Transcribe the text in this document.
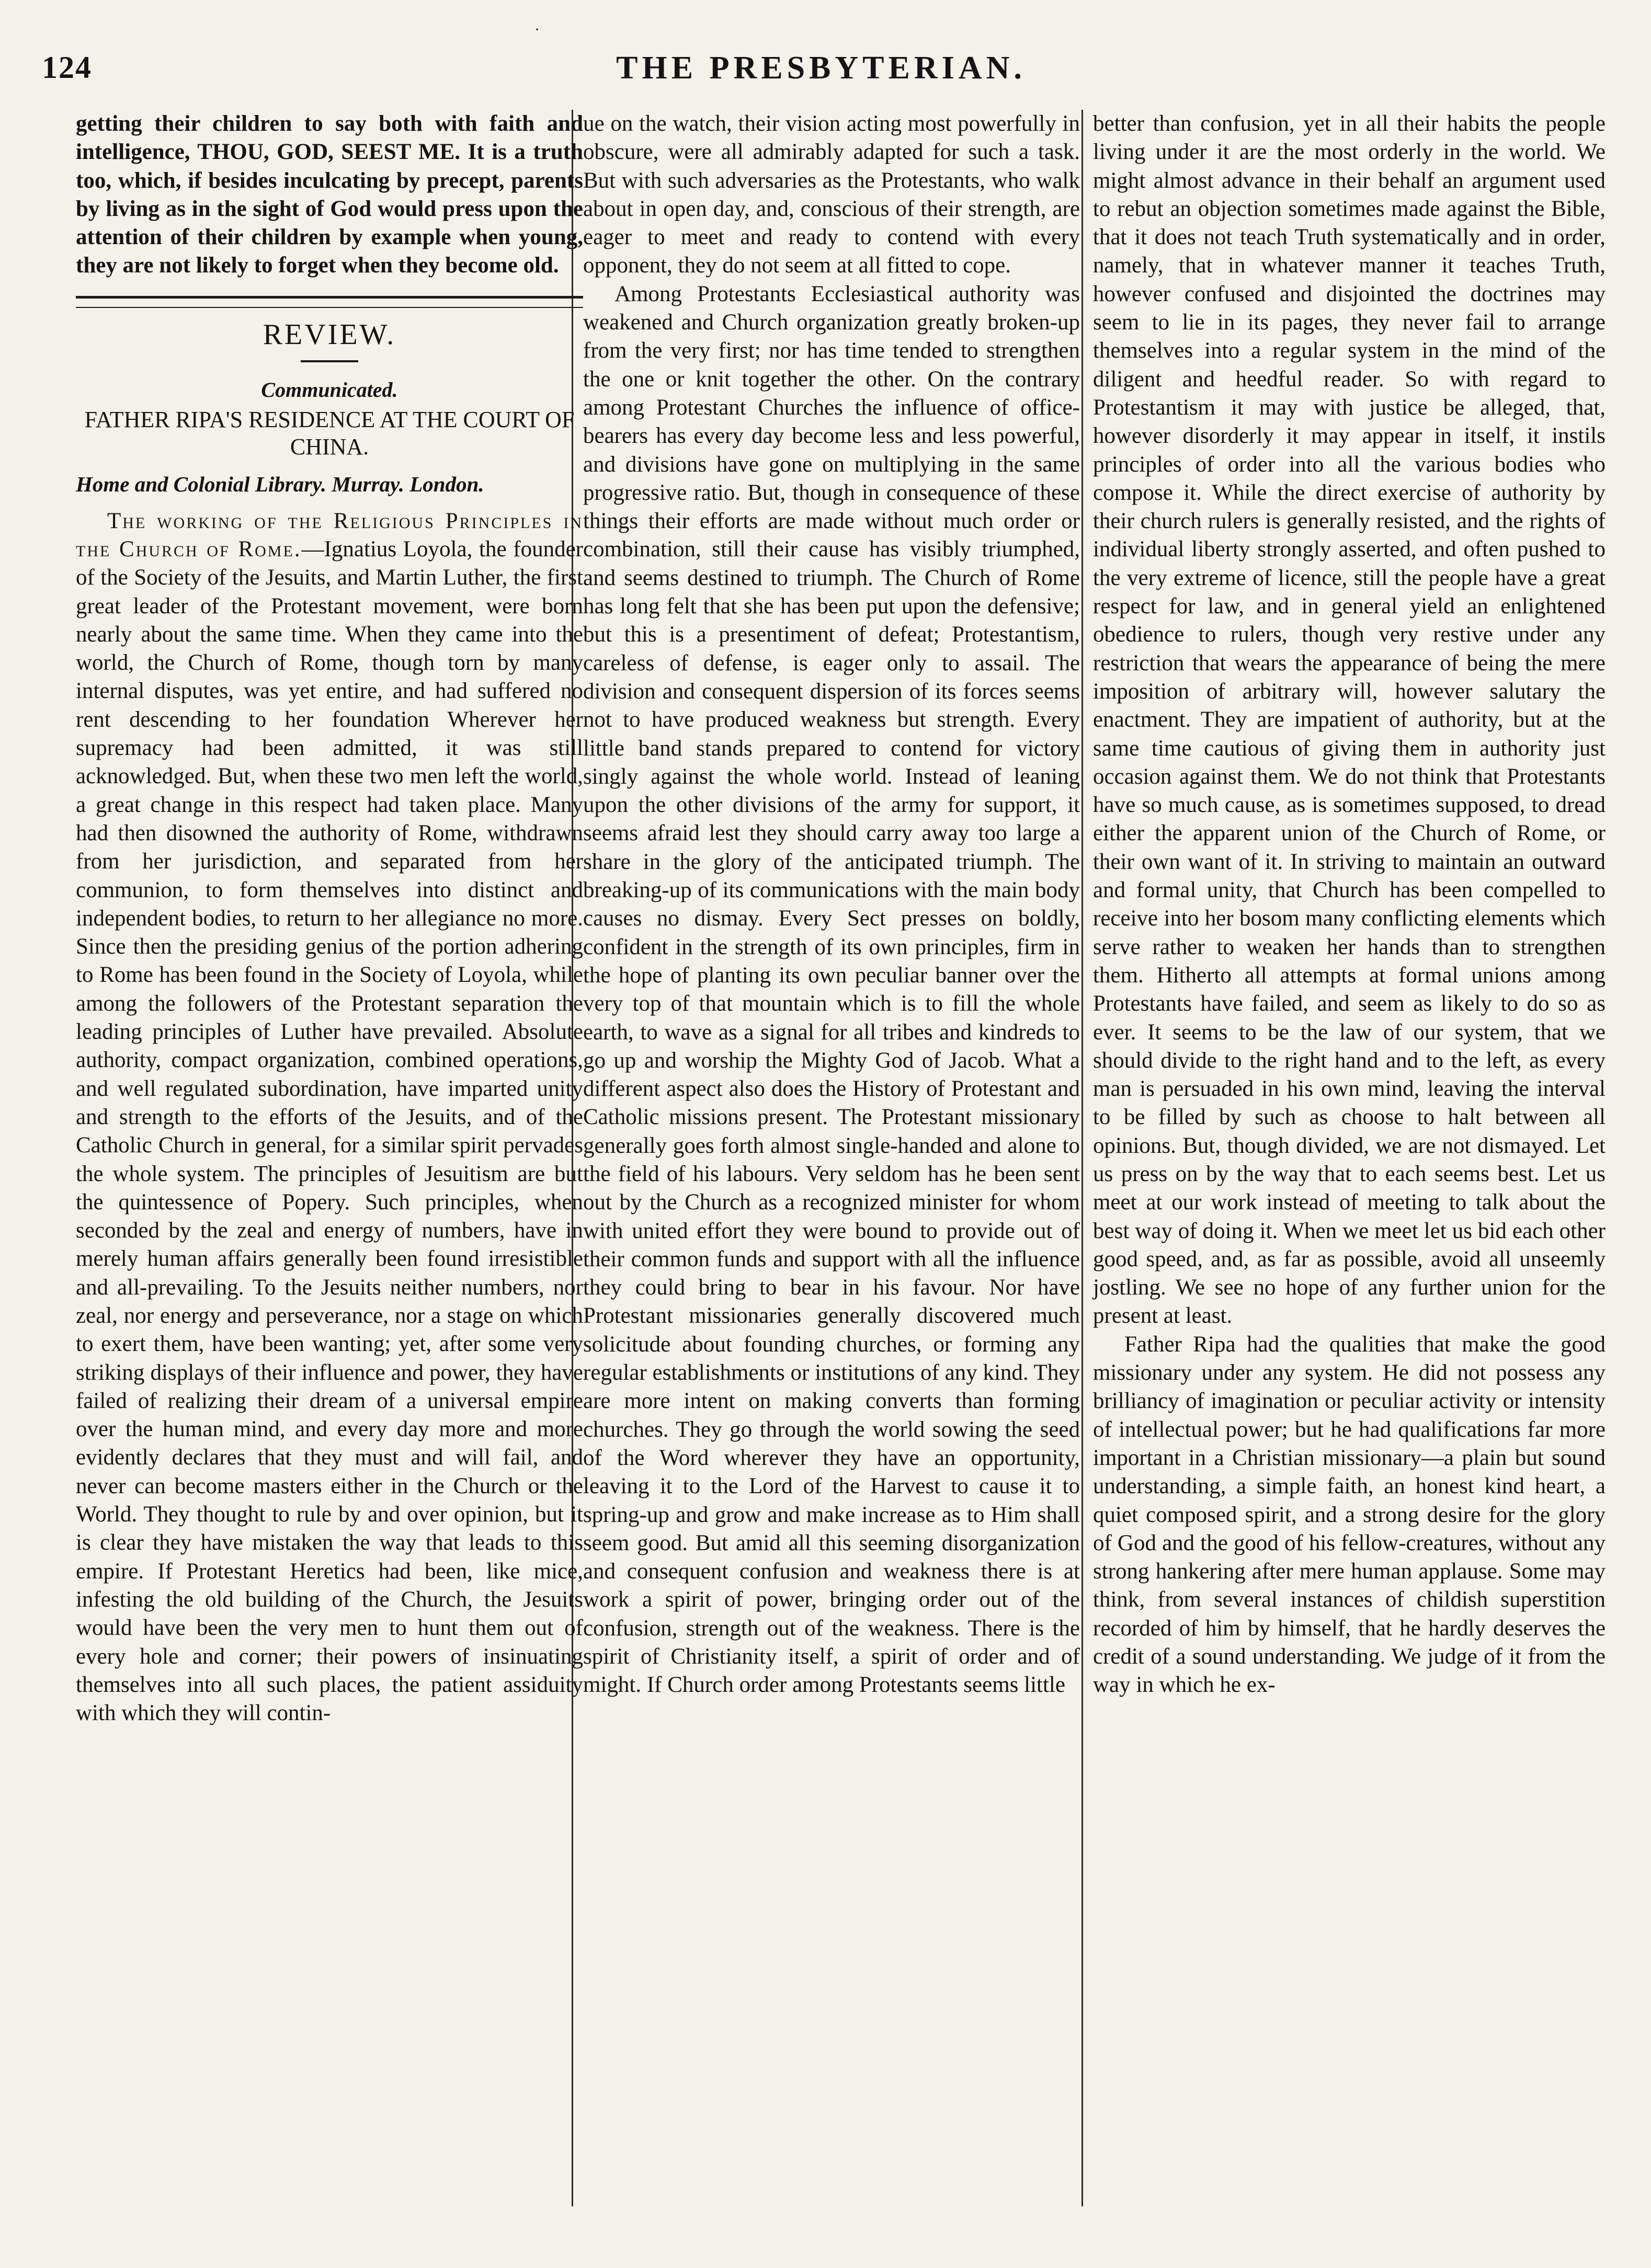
·
124	THE PRESBYTERIAN.

getting their children to say both with faith and intelligence, THOU, GOD, SEEST ME. It is a truth too, which, if besides inculcating by precept, parents by living as in the sight of God would press upon the attention of their children by example when young, they are not likely to forget when they become old.

REVIEW.
Communicated.
FATHER RIPA'S RESIDENCE AT THE COURT OF CHINA.
Home and Colonial Library. Murray. London.

The working of the Religious Principles in the Church of Rome.—Ignatius Loyola, the founder of the Society of the Jesuits, and Martin Luther, the first great leader of the Protestant movement, were born nearly about the same time. When they came into the world, the Church of Rome, though torn by many internal disputes, was yet entire, and had suffered no rent descending to her foundation Wherever her supremacy had been admitted, it was still acknowledged. But, when these two men left the world, a great change in this respect had taken place. Many had then disowned the authority of Rome, withdrawn from her jurisdiction, and separated from her communion, to form themselves into distinct and independent bodies, to return to her allegiance no more. Since then the presiding genius of the portion adhering to Rome has been found in the Society of Loyola, while among the followers of the Protestant separation the leading principles of Luther have prevailed. Absolute authority, compact organization, combined operations, and well regulated subordination, have imparted unity and strength to the efforts of the Jesuits, and of the Catholic Church in general, for a similar spirit pervades the whole system. The principles of Jesuitism are but the quintessence of Popery. Such principles, when seconded by the zeal and energy of numbers, have in merely human affairs generally been found irresistible and all-prevailing. To the Jesuits neither numbers, nor zeal, nor energy and perseverance, nor a stage on which to exert them, have been wanting; yet, after some very striking displays of their influence and power, they have failed of realizing their dream of a universal empire over the human mind, and every day more and more evidently declares that they must and will fail, and never can become masters either in the Church or the World. They thought to rule by and over opinion, but it is clear they have mistaken the way that leads to this empire. If Protestant Heretics had been, like mice, infesting the old building of the Church, the Jesuits would have been the very men to hunt them out of every hole and corner; their powers of insinuating themselves into all such places, the patient assiduity with which they will contin-

ue on the watch, their vision acting most powerfully in obscure, were all admirably adapted for such a task. But with such adversaries as the Protestants, who walk about in open day, and, conscious of their strength, are eager to meet and ready to contend with every opponent, they do not seem at all fitted to cope.

Among Protestants Ecclesiastical authority was weakened and Church organization greatly broken-up from the very first; nor has time tended to strengthen the one or knit together the other. On the contrary among Protestant Churches the influence of office-bearers has every day become less and less powerful, and divisions have gone on multiplying in the same progressive ratio. But, though in consequence of these things their efforts are made without much order or combination, still their cause has visibly triumphed, and seems destined to triumph. The Church of Rome has long felt that she has been put upon the defensive; but this is a presentiment of defeat; Protestantism, careless of defense, is eager only to assail. The division and consequent dispersion of its forces seems not to have produced weakness but strength. Every little band stands prepared to contend for victory singly against the whole world. Instead of leaning upon the other divisions of the army for support, it seems afraid lest they should carry away too large a share in the glory of the anticipated triumph. The breaking-up of its communications with the main body causes no dismay. Every Sect presses on boldly, confident in the strength of its own principles, firm in the hope of planting its own peculiar banner over the very top of that mountain which is to fill the whole earth, to wave as a signal for all tribes and kindreds to go up and worship the Mighty God of Jacob. What a different aspect also does the History of Protestant and Catholic missions present. The Protestant missionary generally goes forth almost single-handed and alone to the field of his labours. Very seldom has he been sent out by the Church as a recognized minister for whom with united effort they were bound to provide out of their common funds and support with all the influence they could bring to bear in his favour. Nor have Protestant missionaries generally discovered much solicitude about founding churches, or forming any regular establishments or institutions of any kind. They are more intent on making converts than forming churches. They go through the world sowing the seed of the Word wherever they have an opportunity, leaving it to the Lord of the Harvest to cause it to spring-up and grow and make increase as to Him shall seem good. But amid all this seeming disorganization and consequent confusion and weakness there is at work a spirit of power, bringing order out of the confusion, strength out of the weakness. There is the spirit of Christianity itself, a spirit of order and of might. If Church order among Protestants seems little

better than confusion, yet in all their habits the people living under it are the most orderly in the world. We might almost advance in their behalf an argument used to rebut an objection sometimes made against the Bible, that it does not teach Truth systematically and in order, namely, that in whatever manner it teaches Truth, however confused and disjointed the doctrines may seem to lie in its pages, they never fail to arrange themselves into a regular system in the mind of the diligent and heedful reader. So with regard to Protestantism it may with justice be alleged, that, however disorderly it may appear in itself, it instils principles of order into all the various bodies who compose it. While the direct exercise of authority by their church rulers is generally resisted, and the rights of individual liberty strongly asserted, and often pushed to the very extreme of licence, still the people have a great respect for law, and in general yield an enlightened obedience to rulers, though very restive under any restriction that wears the appearance of being the mere imposition of arbitrary will, however salutary the enactment. They are impatient of authority, but at the same time cautious of giving them in authority just occasion against them. We do not think that Protestants have so much cause, as is sometimes supposed, to dread either the apparent union of the Church of Rome, or their own want of it. In striving to maintain an outward and formal unity, that Church has been compelled to receive into her bosom many conflicting elements which serve rather to weaken her hands than to strengthen them. Hitherto all attempts at formal unions among Protestants have failed, and seem as likely to do so as ever. It seems to be the law of our system, that we should divide to the right hand and to the left, as every man is persuaded in his own mind, leaving the interval to be filled by such as choose to halt between all opinions. But, though divided, we are not dismayed. Let us press on by the way that to each seems best. Let us meet at our work instead of meeting to talk about the best way of doing it. When we meet let us bid each other good speed, and, as far as possible, avoid all unseemly jostling. We see no hope of any further union for the present at least.

Father Ripa had the qualities that make the good missionary under any system. He did not possess any brilliancy of imagination or peculiar activity or intensity of intellectual power; but he had qualifications far more important in a Christian missionary—a plain but sound understanding, a simple faith, an honest kind heart, a quiet composed spirit, and a strong desire for the glory of God and the good of his fellow-creatures, without any strong hankering after mere human applause. Some may think, from several instances of childish superstition recorded of him by himself, that he hardly deserves the credit of a sound understanding. We judge of it from the way in which he ex-
